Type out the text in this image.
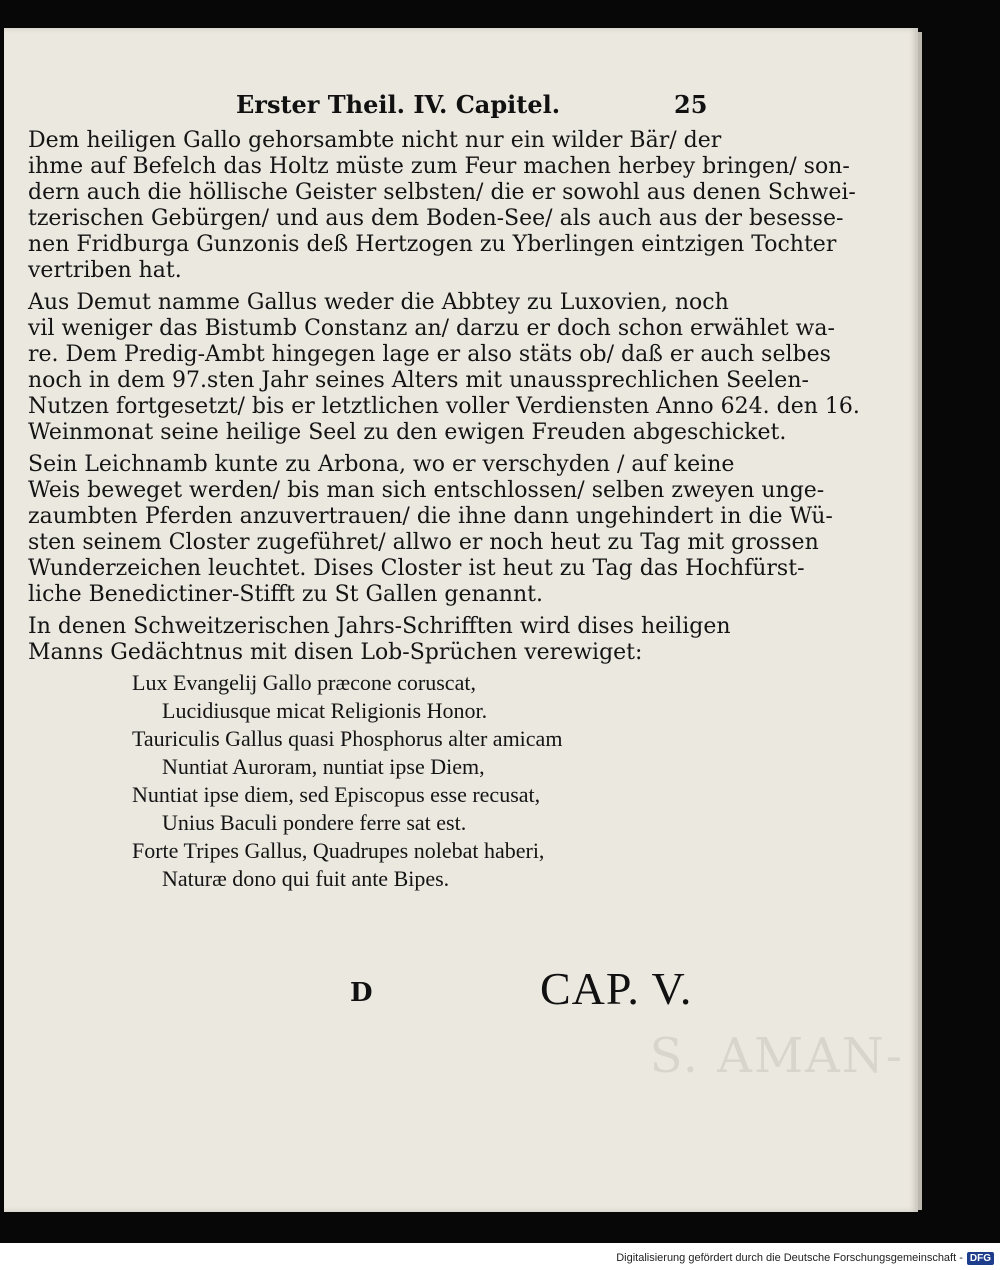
S. AMAN-
Erster Theil. IV. Capitel.	25
Dem heiligen Gallo gehorsambte nicht nur ein wilder Bär/ der
ihme auf Befelch das Holtz müste zum Feur machen herbey bringen/ son-
dern auch die höllische Geister selbsten/ die er sowohl aus denen Schwei-
tzerischen Gebürgen/ und aus dem Boden-See/ als auch aus der besesse-
nen Fridburga Gunzonis deß Hertzogen zu Yberlingen eintzigen Tochter
vertriben hat.
Aus Demut namme Gallus weder die Abbtey zu Luxovien, noch
vil weniger das Bistumb Constanz an/ darzu er doch schon erwählet wa-
re. Dem Predig-Ambt hingegen lage er also stäts ob/ daß er auch selbes
noch in dem 97.sten Jahr seines Alters mit unaussprechlichen Seelen-
Nutzen fortgesetzt/ bis er letztlichen voller Verdiensten Anno 624. den 16.
Weinmonat seine heilige Seel zu den ewigen Freuden abgeschicket.
Sein Leichnamb kunte zu Arbona, wo er verschyden / auf keine
Weis beweget werden/ bis man sich entschlossen/ selben zweyen unge-
zaumbten Pferden anzuvertrauen/ die ihne dann ungehindert in die Wü-
sten seinem Closter zugeführet/ allwo er noch heut zu Tag mit grossen
Wunderzeichen leuchtet. Dises Closter ist heut zu Tag das Hochfürst-
liche Benedictiner-Stifft zu St Gallen genannt.
In denen Schweitzerischen Jahrs-Schrifften wird dises heiligen
Manns Gedächtnus mit disen Lob-Sprüchen verewiget:
Lux Evangelij Gallo præcone coruscat,
Lucidiusque micat Religionis Honor.
Tauriculis Gallus quasi Phosphorus alter amicam
Nuntiat Auroram, nuntiat ipse Diem,
Nuntiat ipse diem, sed Episcopus esse recusat,
Unius Baculi pondere ferre sat est.
Forte Tripes Gallus, Quadrupes nolebat haberi,
Naturæ dono qui fuit ante Bipes.
D	CAP. V.
Digitalisierung gefördert durch die Deutsche Forschungsgemeinschaft - DFG
